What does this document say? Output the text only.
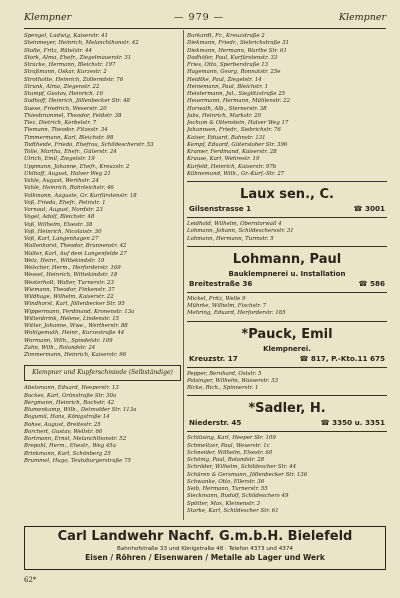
Klempner	— 979 —	Klempner
Spengel, Ludwig, Kaiserstr. 41
Steinmeyer, Heinrich, Melanchthonstr. 42
Stolte, Fritz, Rütelstr. 44
Stork, Alma, Ehefr., Ziegelmauerstr. 31
Stracke, Hermann, Bleichstr. 197
Straßmann, Oskar, Kurzestr. 2
Strothotte, Heinrich, Zollerndstr. 76
Strunk, Alma, Ziegenstr. 22
Stumpf, Gustav, Heinrich. 16
Sudhoff, Heinrich, Jöllenbecker Str. 48
Suese, Friedrich, Weserstr. 20
Thiesbrummel, Theodor, Feldstr. 38
Tiez, Dietrich, Kerbelstr. 7
Tiemann, Theodor, Fitzestr. 34
Timmermann, Karl, Bleichstr. 98
Todtheide, Frieda, Ehefrau, Schildescherstr. 53
Tolle, Martha, Ehefr., Güterstr. 24
Ulrich, Emil, Ziegelstr. 19
Uppmann, Johanne, Ehefr., Kreuzstr. 2
Uhlhoff, August, Halver Weg 21
Vahle, August, Werthstr. 24
Vahle, Heinrich, Rohrteichstr. 46
Volkmann, Auguste, Gr. Kurfürstenstr. 18
Voß, Frieda, Ehefr., Petristr. 1
Vornaut, August, Nordstr. 23
Vogel, Adolf, Bleichstr. 48
Voß, Wilhelm, Elsestr. 38
Voß, Heinrich, Nicolaistr. 30
Voß, Karl, Langenhagen 27
Wallenhorst, Theodor, Brunnenstr. 42
Walter, Karl, Auf dem Langenfelde 27
Welz, Heinr., Wittekindstr. 19
Welscher, Herm., Herforderstr. 169
Wessel, Heinrich, Wittekindstr. 18
Westerholt, Walter, Turnerstr. 23
Wiemann, Theodor, Finkenstr. 37
Wildhage, Wilhelm, Kaiserstr. 22
Windhorst, Karl, Jöllenbecker Str. 95
Wippermann, Ferdinand, Kronenstr. 13a
Wittenbrink, Helene, Lindenstr. 15
Witter, Johanne, Wwe., Wertherstr. 88
Wohlgemuth, Heinr., Kurzestraße 44
Wormann, Wilh., Spindelstr. 109
Zahn, Wilh., Rolandstr. 24
Zimmermann, Heinrich, Kaiserstr. 96
Klempner und Kupferschmiede (Selbständige)
Abelsmann, Eduard, Heeperstr. 13
Backes, Karl, Grünstraße Str. 30a
Bergmann, Heinrich, Rochstr. 42
Blumenkamp, Wilh., Detmolder Str. 113a
Bogumil, Hans, Königstraße 14
Bohse, August, Breitestr. 25
Borchert, Gustav, Wellstr. 60
Bortmann, Ernst, Melanchthonstr. 52
Brepohl, Herm., Ehestr., Weg 45a
Brinkmann, Karl, Schönberg 25
Brummel, Hugo, Teutoburgerstraße 75
Burkardt, Fr., Kreuzstraße 2
Diekmann, Friedr., Siebrichstraße 31
Diekmann, Hermann, Warthe Str. 61
Dodhöfer, Paul, Kurfürstenstr. 33
Fries, Otto, Sperberstraße 13
Hagemann, Georg, Ronnatstr. 25e
Heidtke, Paul, Ziegelstr. 14
Heinemann, Paul, Bleichstr. 1
Heistermann, Jul., Sieglitzstraße 25
Heuermann, Hermann, Mühlenstr. 22
Horwath, Alb., Sternerstr. 38
Jabs, Heinrich, Markstr. 20
Jochum & Ottenstein, Halver Weg 17
Johannsen, Friedr., Siebrichstr. 76
Kaiser, Eduard, Bahnstr. 131
Kempf, Eduard, Gütersloher Str. 396
Kramer, Ferdinand, Kaiserstr. 28
Krause, Karl, Wehrestr. 19
Kurfeld, Heinrich, Kaiserstr. 97b
Kühnemund, Wilh., Gr.-Kurf.-Str. 27
Laux sen., C.
Gilsenstrasse 1	☎ 3001
Leidhold, Wilhelm, Oberntorwall 4
Lohmann, Johann, Schildeschersstr. 31
Lohmann, Hermann, Turmstr. 5
Lohmann, Paul
Bauklempnerei u. Installation
Breitestraße 36	☎ 586
Mickel, Fritz, Welle 9
Mührke, Wilhelm, Fischstr. 7
Mehring, Eduard, Herforderstr. 185
*Pauck, Emil
Klempnerei.
Kreuzstr. 17	☎ 817, P.-Kto.11 675
Pepper, Bernhard, Oststr. 5
Polsinger, Wilhelm, Wasserstr. 33
Ricke, Rich., Spinnerstr. 1
*Sadler, H.
Niederstr. 45	☎ 3350 u. 3351
Schlüsing, Karl, Heeper Str. 109
Schmeltzer, Paul, Weserstr. 1c
Schneider, Wilhelm, Elsestr. 60
Schönig, Paul, Rolandstr. 28
Schröder, Wilhelm, Schildescher Str. 44
Schüren & Gersmann, Jöllenbecker Str. 136
Schwanke, Otto, Ellerstr. 36
Seib, Hermann, Turnerstr. 55
Sieckmann, Rudolf, Schildeschers 49
Spötter, Max, Kleinenstr. 3
Starke, Karl, Schildescher Str. 61
Carl Landwehr Nachf. G.m.b.H. Bielefeld
Bahnhofstraße 33 und Königstraße 48 · Telefon 4373 und 4374
Eisen / Röhren / Eisenwaren / Metalle ab Lager und Werk
62*
